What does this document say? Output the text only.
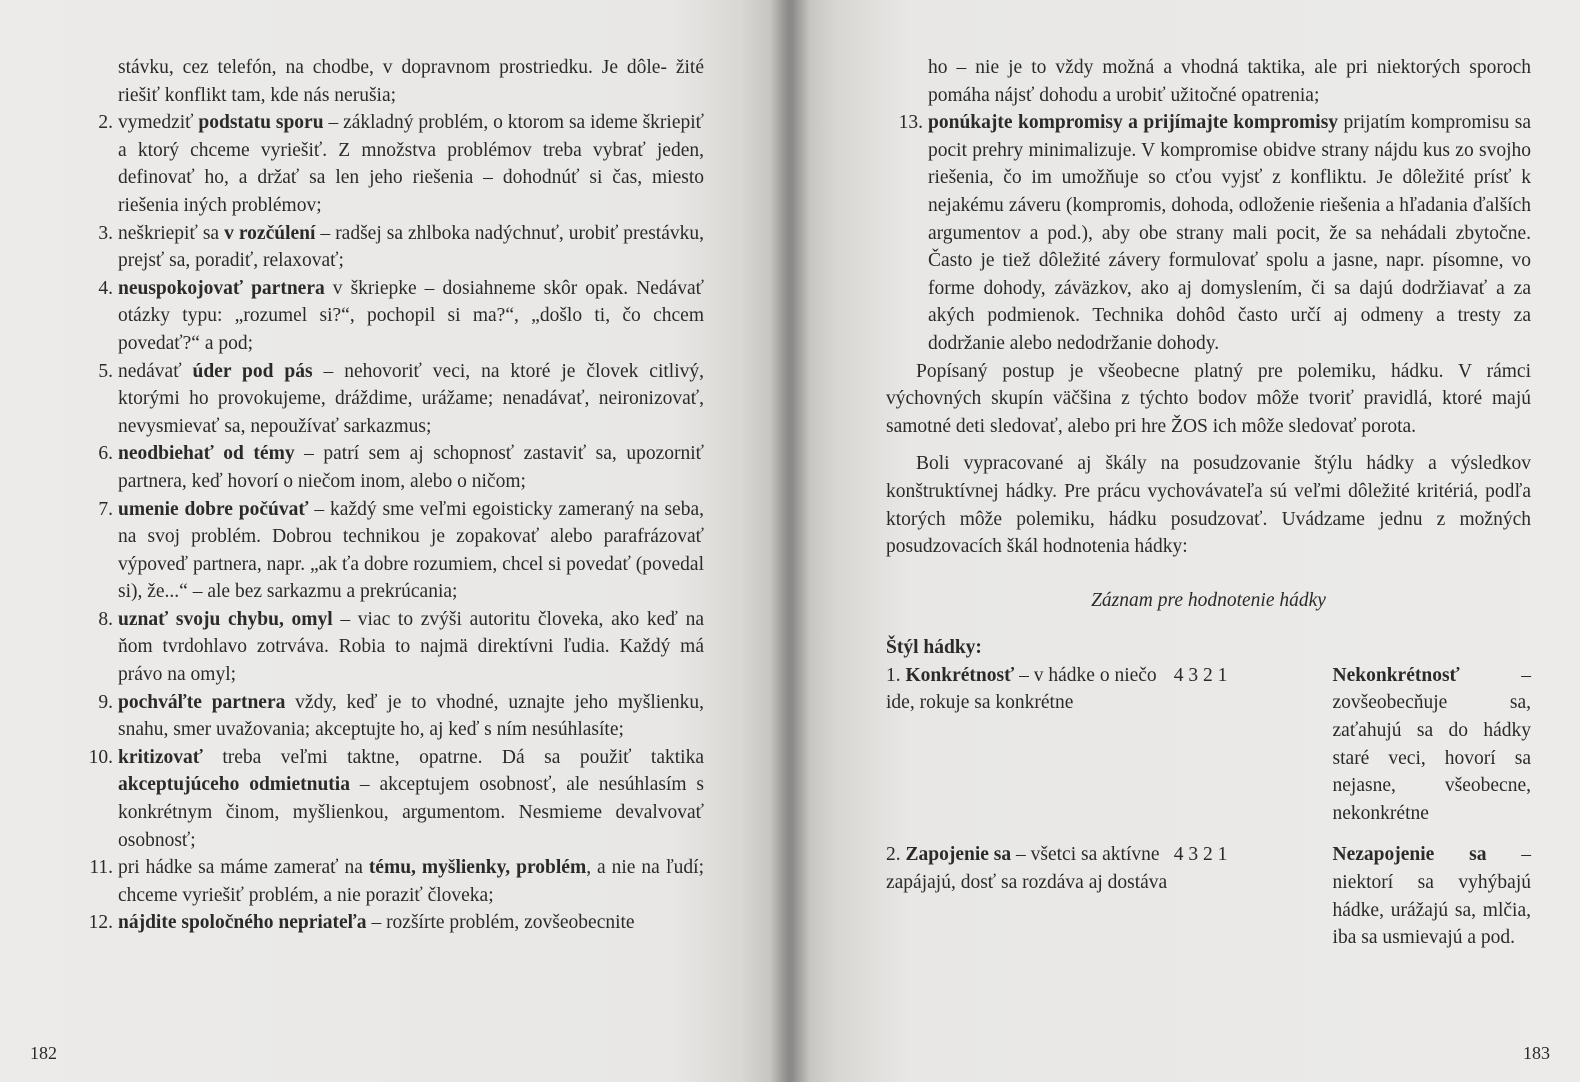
stávku, cez telefón, na chodbe, v dopravnom prostriedku. Je dôle- žité riešiť konflikt tam, kde nás nerušia;
2. vymedziť podstatu sporu – základný problém, o ktorom sa ideme škriepiť a ktorý chceme vyriešiť. Z množstva problémov treba vybrať jeden, definovať ho, a držať sa len jeho riešenia – dohodnúť si čas, miesto riešenia iných problémov;
3. neškriepiť sa v rozčúlení – radšej sa zhlboka nadýchnuť, urobiť prestávku, prejsť sa, poradiť, relaxovať;
4. neuspokojovať partnera v škriepke – dosiahneme skôr opak. Nedávať otázky typu: „rozumel si?“, pochopil si ma?“, „došlo ti, čo chcem povedať?“ a pod;
5. nedávať úder pod pás – nehovoriť veci, na ktoré je človek citlivý, ktorými ho provokujeme, dráždime, urážame; nenadávať, neironizovať, nevysmievať sa, nepoužívať sarkazmus;
6. neodbiehať od témy – patrí sem aj schopnosť zastaviť sa, upozorniť partnera, keď hovorí o niečom inom, alebo o ničom;
7. umenie dobre počúvať – každý sme veľmi egoisticky zameraný na seba, na svoj problém. Dobrou technikou je zopakovať alebo parafrázovať výpoveď partnera, napr. „ak ťa dobre rozumiem, chcel si povedať (povedal si), že...“ – ale bez sarkazmu a prekrúcania;
8. uznať svoju chybu, omyl – viac to zvýši autoritu človeka, ako keď na ňom tvrdohlavo zotrváva. Robia to najmä direktívni ľudia. Každý má právo na omyl;
9. pochváľte partnera vždy, keď je to vhodné, uznajte jeho myšlienku, snahu, smer uvažovania; akceptujte ho, aj keď s ním nesúhlasíte;
10. kritizovať treba veľmi taktne, opatrne. Dá sa použiť taktika akceptujúceho odmietnutia – akceptujem osobnosť, ale nesúhlasím s konkrétnym činom, myšlienkou, argumentom. Nesmieme devalvovať osobnosť;
11. pri hádke sa máme zamerať na tému, myšlienky, problém, a nie na ľudí; chceme vyriešiť problém, a nie poraziť človeka;
12. nájdite spoločného nepriateľa – rozšírte problém, zovšeobecnite
182
ho – nie je to vždy možná a vhodná taktika, ale pri niektorých sporoch pomáha nájsť dohodu a urobiť užitočné opatrenia;
13. ponúkajte kompromisy a prijímajte kompromisy prijatím kompromisu sa pocit prehry minimalizuje. V kompromise obidve strany nájdu kus zo svojho riešenia, čo im umožňuje so cťou vyjsť z konfliktu. Je dôležité prísť k nejakému záveru (kompromis, dohoda, odloženie riešenia a hľadania ďalších argumentov a pod.), aby obe strany mali pocit, že sa nehádali zbytočne. Často je tiež dôležité závery formulovať spolu a jasne, napr. písomne, vo forme dohody, záväzkov, ako aj domyslením, či sa dajú dodržiavať a za akých podmienok. Technika dohôd často určí aj odmeny a tresty za dodržanie alebo nedodržanie dohody.

Popísaný postup je všeobecne platný pre polemiku, hádku. V rámci výchovných skupín väčšina z týchto bodov môže tvoriť pravidlá, ktoré majú samotné deti sledovať, alebo pri hre ŽOS ich môže sledovať porota.

Boli vypracované aj škály na posudzovanie štýlu hádky a výsledkov konštruktívnej hádky. Pre prácu vychovávateľa sú veľmi dôležité kritériá, podľa ktorých môže polemiku, hádku posudzovať. Uvádzame jednu z možných posudzovacích škál hodnotenia hádky:

Záznam pre hodnotenie hádky
Štýl hádky:
1. Konkrétnosť – v hádke o niečo ide, rokuje sa konkrétne
4 3 2 1	Nekonkrétnosť – zovšeobecňuje sa, zaťahujú sa do hádky staré veci, hovorí sa nejasne, všeobecne, nekonkrétne
2. Zapojenie sa – všetci sa aktívne zapájajú, dosť sa rozdáva aj dostáva
4 3 2 1	Nezapojenie sa – niektorí sa vyhýbajú hádke, urážajú sa, mlčia, iba sa usmievajú a pod.
183
